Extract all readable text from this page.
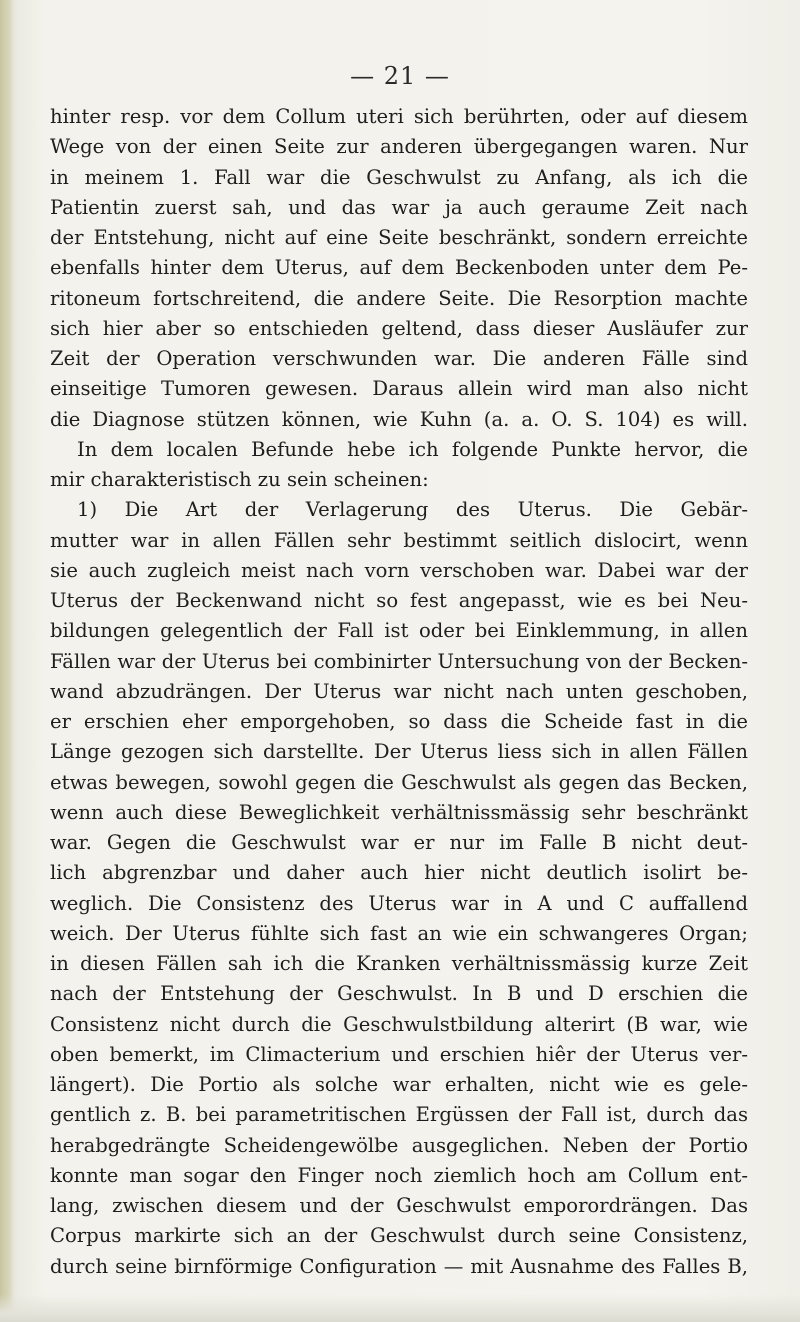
— 21 —
hinter resp. vor dem Collum uteri sich berührten, oder auf diesem
Wege von der einen Seite zur anderen übergegangen waren. Nur
in meinem 1. Fall war die Geschwulst zu Anfang, als ich die
Patientin zuerst sah, und das war ja auch geraume Zeit nach
der Entstehung, nicht auf eine Seite beschränkt, sondern erreichte
ebenfalls hinter dem Uterus, auf dem Beckenboden unter dem Pe-
ritoneum fortschreitend, die andere Seite. Die Resorption machte
sich hier aber so entschieden geltend, dass dieser Ausläufer zur
Zeit der Operation verschwunden war. Die anderen Fälle sind
einseitige Tumoren gewesen. Daraus allein wird man also nicht
die Diagnose stützen können, wie Kuhn (a. a. O. S. 104) es will.
In dem localen Befunde hebe ich folgende Punkte hervor, die
mir charakteristisch zu sein scheinen:
1) Die Art der Verlagerung des Uterus. Die Gebär-
mutter war in allen Fällen sehr bestimmt seitlich dislocirt, wenn
sie auch zugleich meist nach vorn verschoben war. Dabei war der
Uterus der Beckenwand nicht so fest angepasst, wie es bei Neu-
bildungen gelegentlich der Fall ist oder bei Einklemmung, in allen
Fällen war der Uterus bei combinirter Untersuchung von der Becken-
wand abzudrängen. Der Uterus war nicht nach unten geschoben,
er erschien eher emporgehoben, so dass die Scheide fast in die
Länge gezogen sich darstellte. Der Uterus liess sich in allen Fällen
etwas bewegen, sowohl gegen die Geschwulst als gegen das Becken,
wenn auch diese Beweglichkeit verhältnissmässig sehr beschränkt
war. Gegen die Geschwulst war er nur im Falle B nicht deut-
lich abgrenzbar und daher auch hier nicht deutlich isolirt be-
weglich. Die Consistenz des Uterus war in A und C auffallend
weich. Der Uterus fühlte sich fast an wie ein schwangeres Organ;
in diesen Fällen sah ich die Kranken verhältnissmässig kurze Zeit
nach der Entstehung der Geschwulst. In B und D erschien die
Consistenz nicht durch die Geschwulstbildung alterirt (B war, wie
oben bemerkt, im Climacterium und erschien hiêr der Uterus ver-
längert). Die Portio als solche war erhalten, nicht wie es gele-
gentlich z. B. bei parametritischen Ergüssen der Fall ist, durch das
herabgedrängte Scheidengewölbe ausgeglichen. Neben der Portio
konnte man sogar den Finger noch ziemlich hoch am Collum ent-
lang, zwischen diesem und der Geschwulst emporordrängen. Das
Corpus markirte sich an der Geschwulst durch seine Consistenz,
durch seine birnförmige Configuration — mit Ausnahme des Falles B,
